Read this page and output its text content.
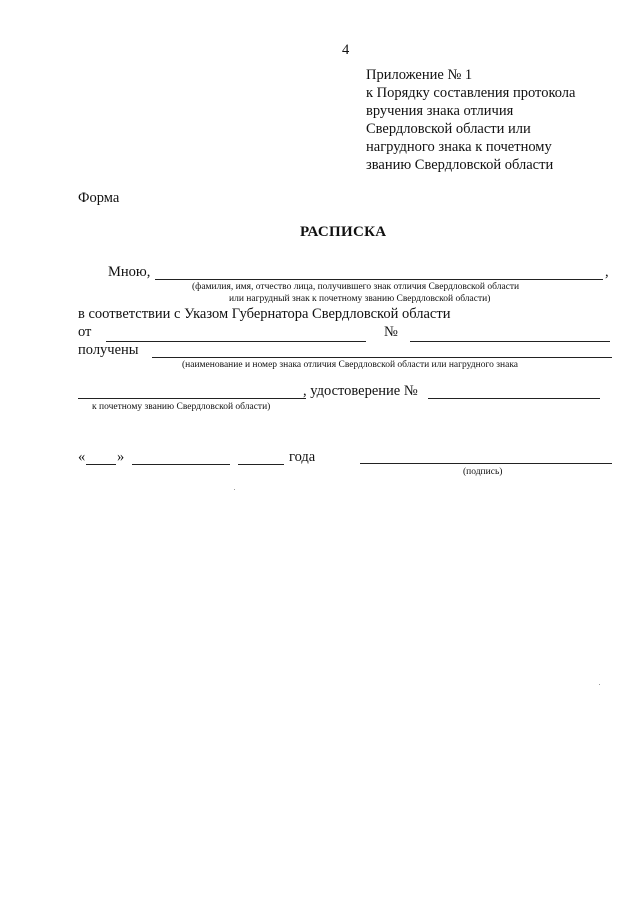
4
Приложение № 1
к Порядку составления протокола
вручения знака отличия
Свердловской области или
нагрудного знака к почетному
званию Свердловской области
Форма
РАСПИСКА
Мною,	,
(фамилия, имя, отчество лица, получившего знак отличия Свердловской области
или нагрудный знак к почетному званию Свердловской области)
в соответствии с Указом Губернатора Свердловской области
от	№
получены
(наименование и номер знака отличия Свердловской области или нагрудного знака
, удостоверение №
к почетному званию Свердловской области)
« »	года
(подпись)
